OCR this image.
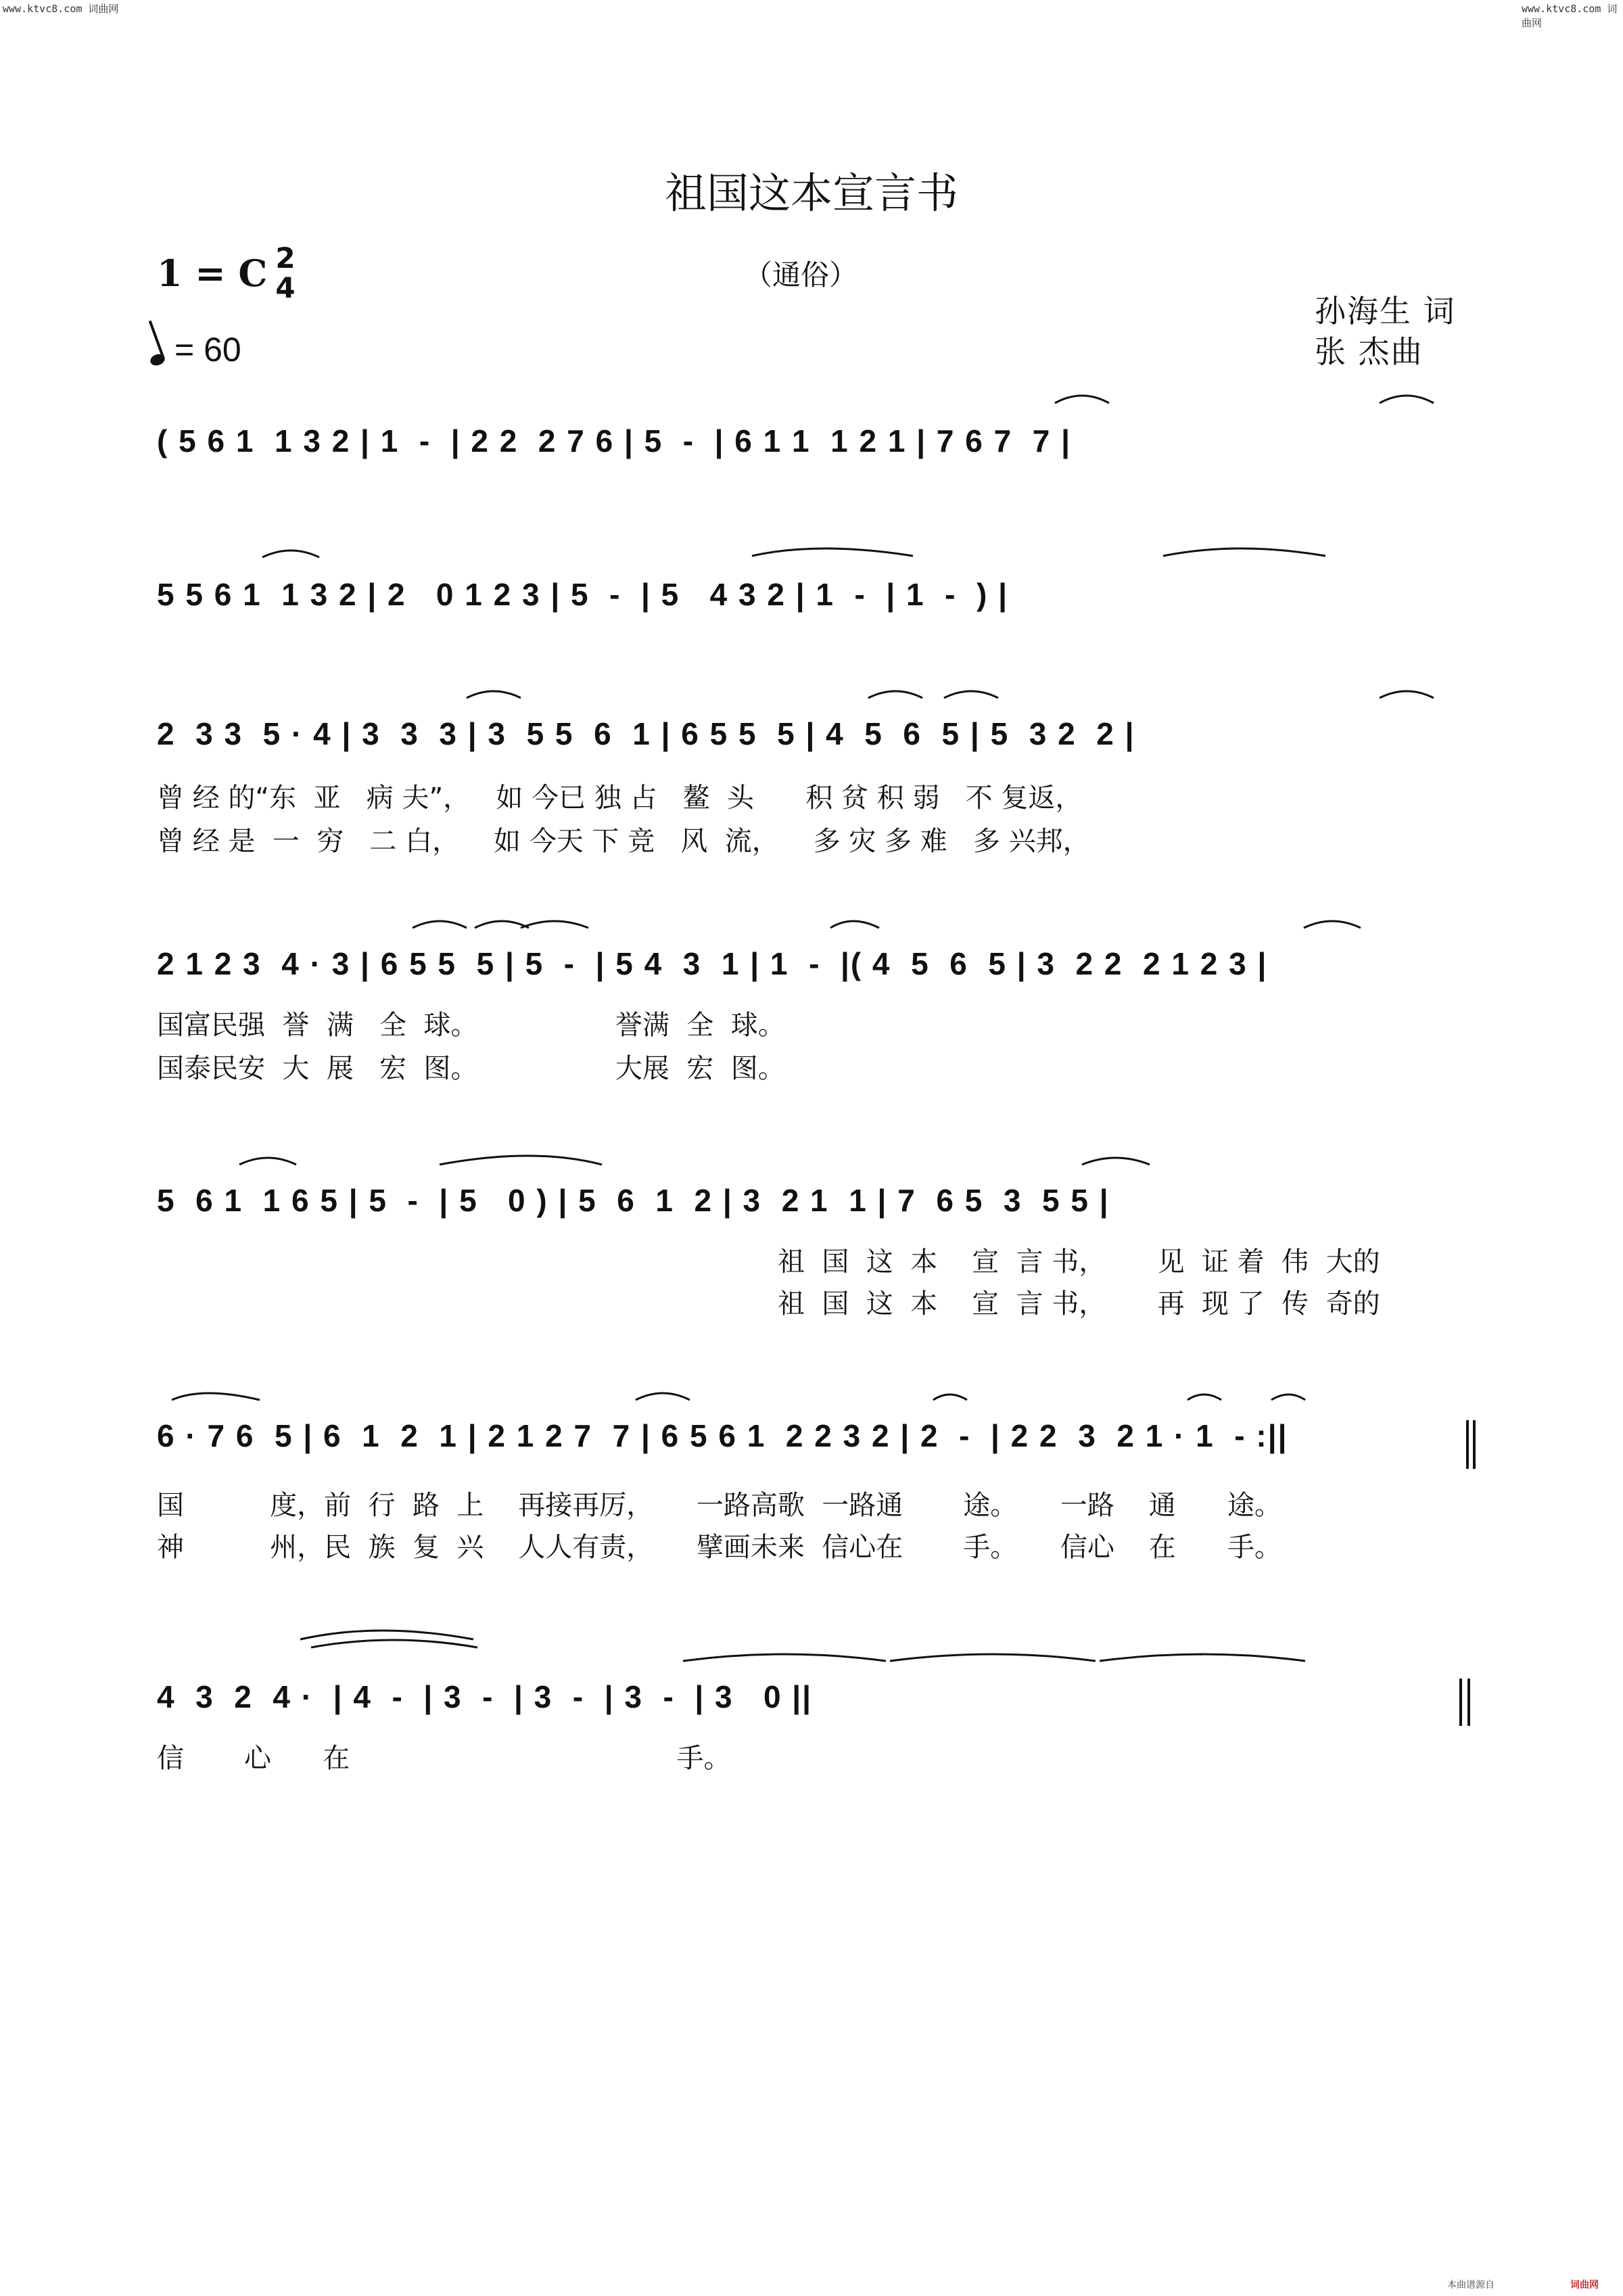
www.ktvc8.com 词曲网	www.ktvc8.com 词曲网
祖国这本宣言书
（通俗）
1 = C 2
4
= 60
孙海生 词
张 杰曲
( 5 6 1  1 3 2 | 1  -  | 2 2  2 7 6 | 5  -  | 6 1 1  1 2 1 | 7 6 7  7 |
5 5 6 1  1 3 2 | 2   0 1 2 3 | 5  -  | 5   4 3 2 | 1  -  | 1  -  ) |
2  3 3  5 · 4 | 3  3  3 | 3  5 5  6  1 | 6 5 5  5 | 4  5  6  5 | 5  3 2  2 |
曾 经 的“东  亚   病 夫”，   如 今已 独 占   鳌  头      积 贫 积 弱   不 复返，
曾 经 是  一  穷   二 白，    如 今天 下 竞   风  流，    多 灾 多 难   多 兴邦，
2 1 2 3  4 · 3 | 6 5 5  5 | 5  -  | 5 4  3  1 | 1  -  |( 4  5  6  5 | 3  2 2  2 1 2 3 |
国富民强  誉  满   全  球。                誉满  全  球。
国泰民安  大  展   宏  图。                大展  宏  图。
5  6 1  1 6 5 | 5  -  | 5   0 ) | 5  6  1  2 | 3  2 1  1 | 7  6 5  3  5 5 |
祖  国  这  本    宣  言 书，      见  证 着  伟  大的
祖  国  这  本    宣  言 书，      再  现 了  传  奇的
6 · 7 6  5 | 6  1  2  1 | 2 1 2 7  7 | 6 5 6 1  2 2 3 2 | 2  -  | 2 2  3  2 1 · 1  - :||
国          度，前  行  路  上    再接再厉，     一路高歌  一路通       途。     一路    通      途。
神          州，民  族  复  兴    人人有责，     擘画未来  信心在       手。     信心    在      手。
4  3  2  4 ·  | 4  -  | 3  -  | 3  -  | 3  -  | 3   0 ||
信       心      在                                      手。
本曲谱源自	词曲网
